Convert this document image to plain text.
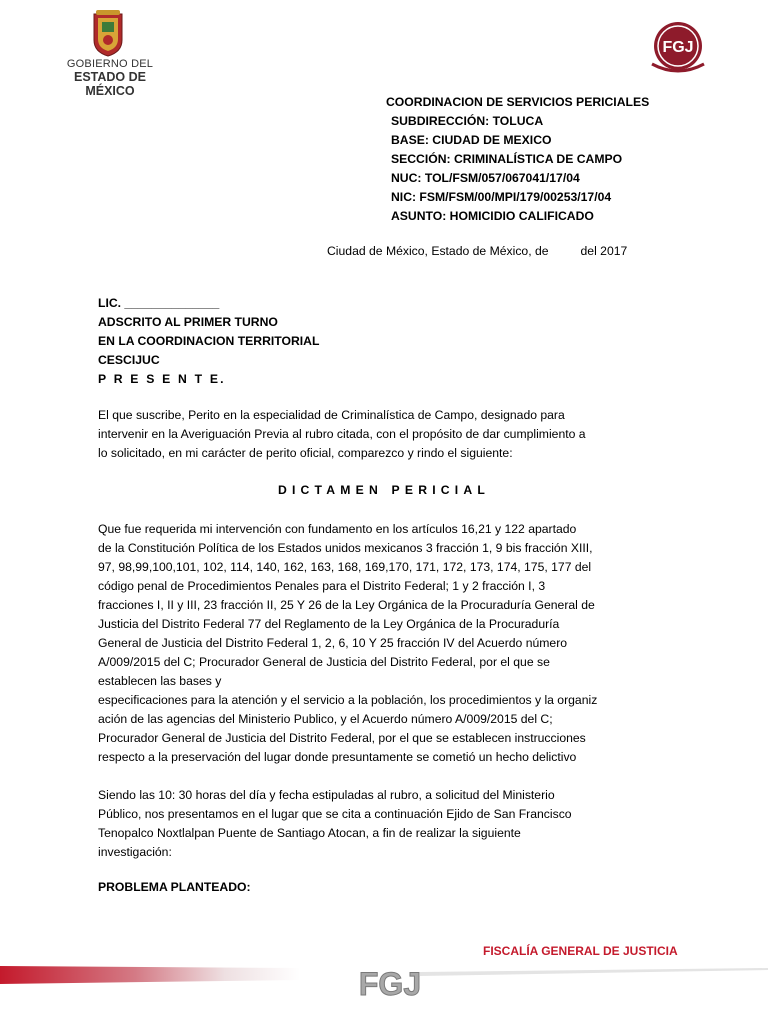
GOBIERNO DEL
ESTADO DE MÉXICO
FGJ
COORDINACION DE SERVICIOS PERICIALES
SUBDIRECCIÓN: TOLUCA
BASE: CIUDAD DE MEXICO
SECCIÓN: CRIMINALÍSTICA DE CAMPO
NUC: TOL/FSM/057/067041/17/04
NIC: FSM/FSM/00/MPI/179/00253/17/04
ASUNTO: HOMICIDIO CALIFICADO
Ciudad de México, Estado de México, de	del 2017
LIC. ______________
ADSCRITO AL PRIMER TURNO
EN LA COORDINACION TERRITORIAL
CESCIJUC
P R E S E N T E.
El que suscribe, Perito en la especialidad de Criminalística de Campo, designado para
intervenir en la Averiguación Previa al rubro citada, con el propósito de dar cumplimiento a
lo solicitado, en mi carácter de perito oficial, comparezco y rindo el siguiente:
DICTAMEN PERICIAL
Que fue requerida mi intervención con fundamento en los artículos 16,21 y 122 apartado
de la Constitución Política de los Estados unidos mexicanos 3 fracción 1, 9 bis fracción XIII,
97, 98,99,100,101, 102, 114, 140, 162, 163, 168, 169,170, 171, 172, 173, 174, 175, 177 del
código penal de Procedimientos Penales para el Distrito Federal; 1 y 2 fracción I, 3
fracciones I, II y III, 23 fracción II, 25 Y 26 de la Ley Orgánica de la Procuraduría General de
Justicia del Distrito Federal 77 del Reglamento de la Ley Orgánica de la Procuraduría
General de Justicia del Distrito Federal 1, 2, 6, 10 Y 25 fracción IV del Acuerdo número
A/009/2015 del C; Procurador General de Justicia del Distrito Federal, por el que se
establecen las bases y
especificaciones para la atención y el servicio a la población, los procedimientos y la organiz
ación de las agencias del Ministerio Publico, y el Acuerdo número A/009/2015 del C;
Procurador General de Justicia del Distrito Federal, por el que se establecen instrucciones
respecto a la preservación del lugar donde presuntamente se cometió un hecho delictivo
Siendo las 10: 30 horas del día y fecha estipuladas al rubro, a solicitud del Ministerio
Público, nos presentamos en el lugar que se cita a continuación Ejido de San Francisco
Tenopalco Noxtlalpan Puente de Santiago Atocan, a fin de realizar la siguiente
investigación:
PROBLEMA PLANTEADO:
FISCALÍA GENERAL DE JUSTICIA
FGJ
